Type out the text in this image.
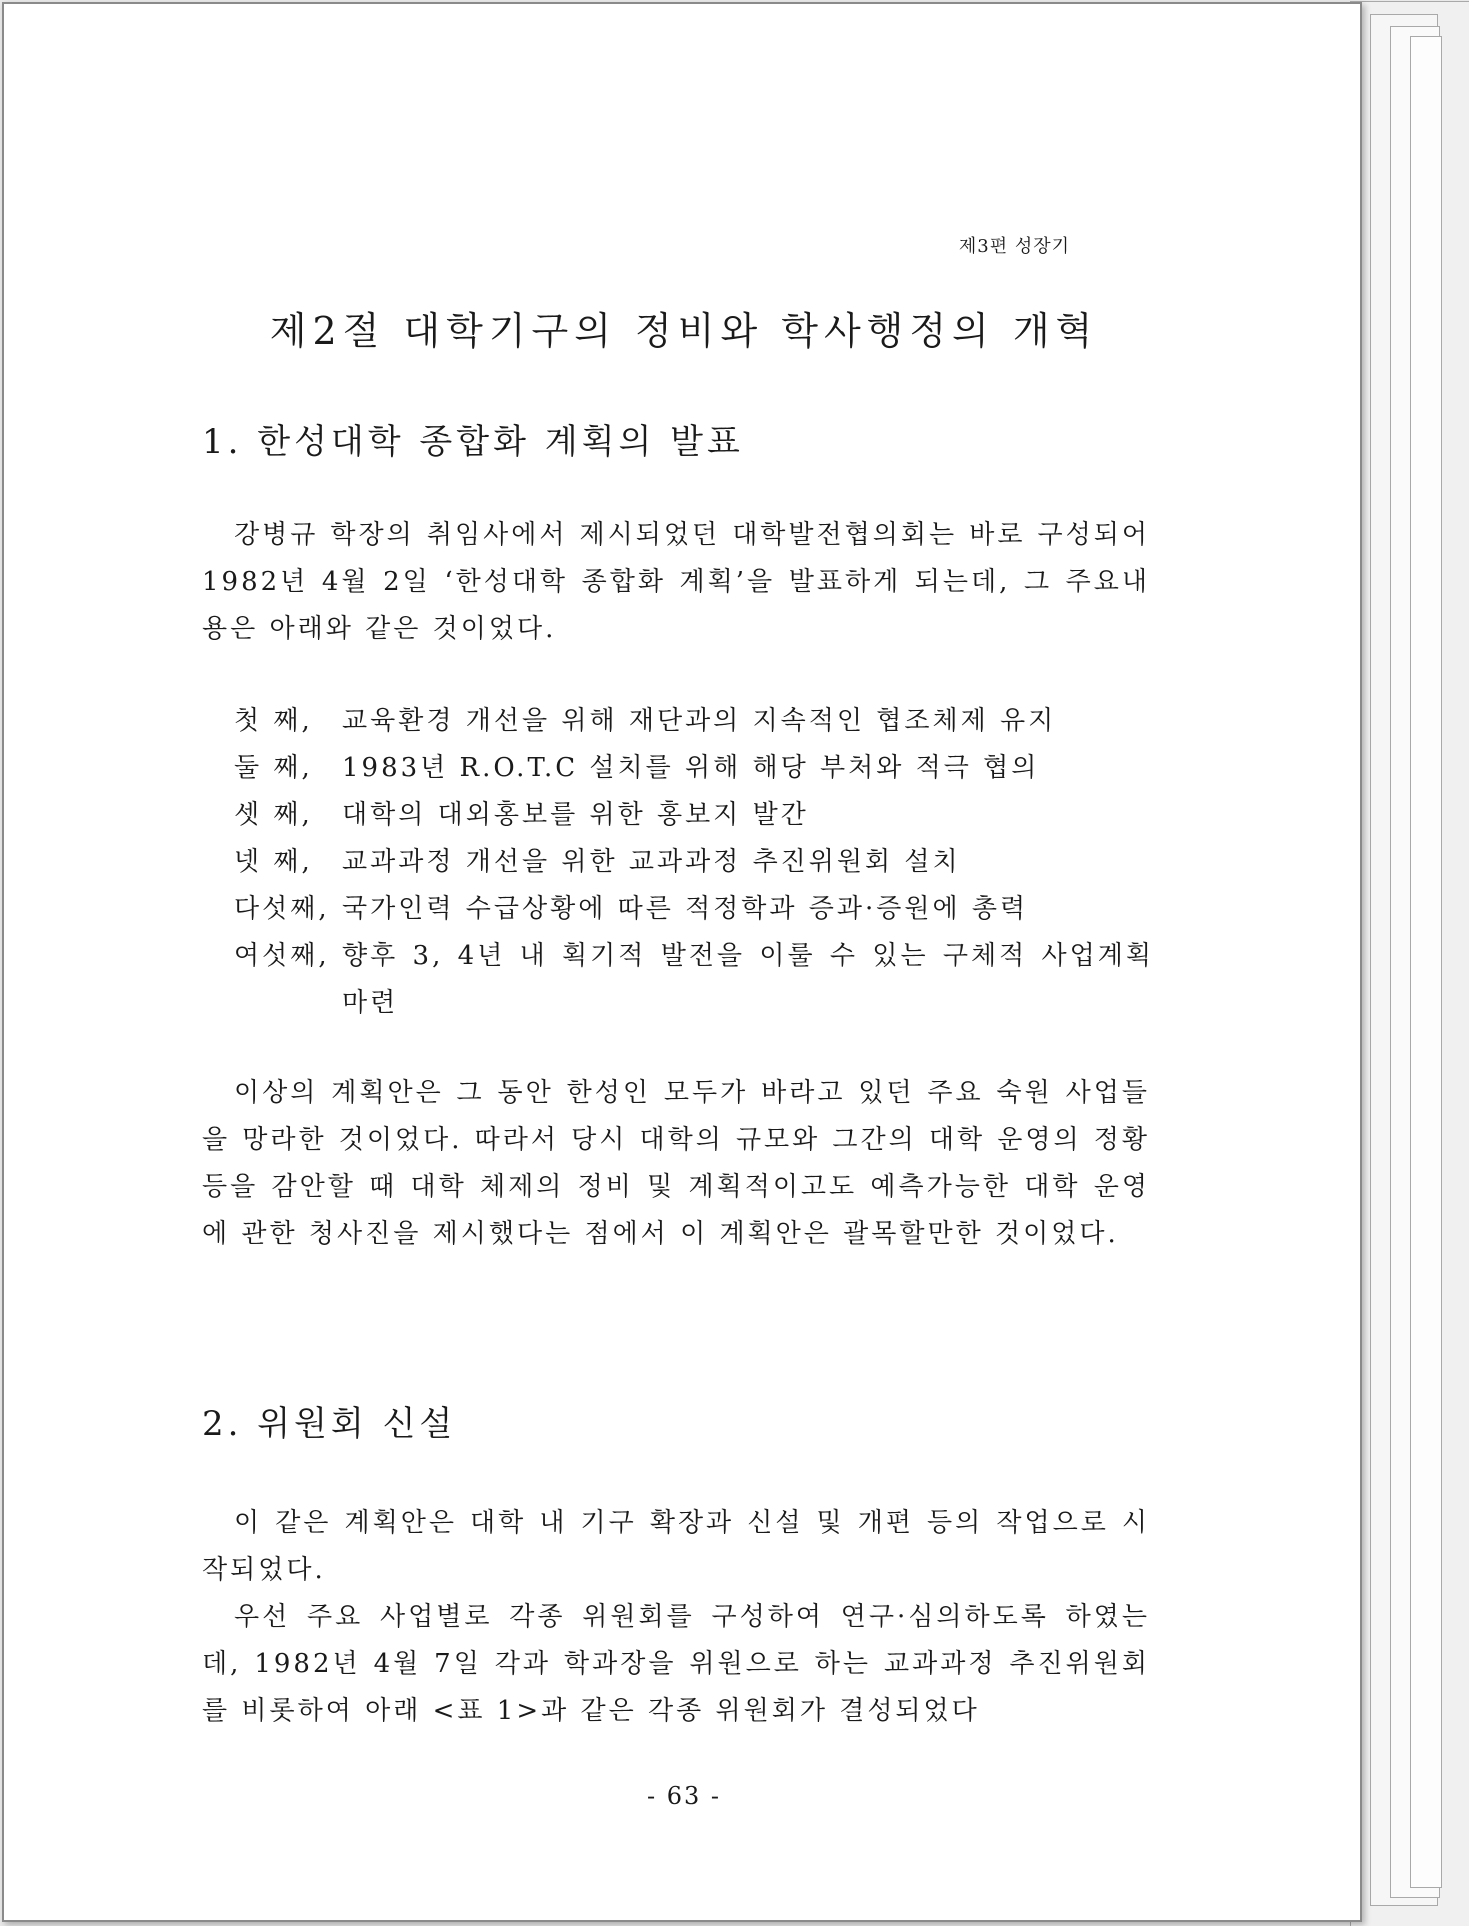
제3편 성장기
제2절 대학기구의 정비와 학사행정의 개혁
1. 한성대학 종합화 계획의 발표

강병규 학장의 취임사에서 제시되었던 대학발전협의회는 바로 구성되어 1982년 4월 2일 ‘한성대학 종합화 계획’을 발표하게 되는데, 그 주요내용은 아래와 같은 것이었다.

첫 째,	교육환경 개선을 위해 재단과의 지속적인 협조체제 유지
둘 째,	1983년 R.O.T.C 설치를 위해 해당 부처와 적극 협의
셋 째,	대학의 대외홍보를 위한 홍보지 발간
넷 째,	교과과정 개선을 위한 교과과정 추진위원회 설치
다섯째, 국가인력 수급상황에 따른 적정학과 증과·증원에 총력
여섯째, 향후 3, 4년 내 획기적 발전을 이룰 수 있는 구체적 사업계획 마련

이상의 계획안은 그 동안 한성인 모두가 바라고 있던 주요 숙원 사업들을 망라한 것이었다. 따라서 당시 대학의 규모와 그간의 대학 운영의 정황 등을 감안할 때 대학 체제의 정비 및 계획적이고도 예측가능한 대학 운영에 관한 청사진을 제시했다는 점에서 이 계획안은 괄목할만한 것이었다.

2. 위원회 신설

이 같은 계획안은 대학 내 기구 확장과 신설 및 개편 등의 작업으로 시작되었다.

우선 주요 사업별로 각종 위원회를 구성하여 연구·심의하도록 하였는데, 1982년 4월 7일 각과 학과장을 위원으로 하는 교과과정 추진위원회를 비롯하여 아래 <표 1>과 같은 각종 위원회가 결성되었다

- 63 -
